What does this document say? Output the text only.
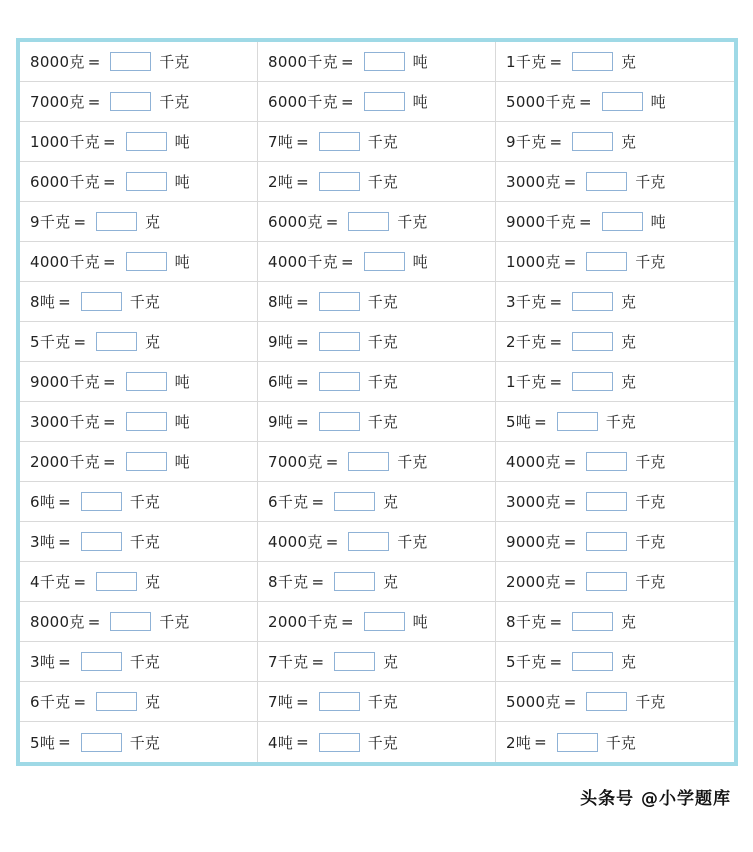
8000克 =	千克	8000千克 =	吨	1千克 =	克
7000克 =	千克	6000千克 =	吨	5000千克 =	吨
1000千克 =	吨	7吨 =	千克	9千克 =	克
6000千克 =	吨	2吨 =	千克	3000克 =	千克
9千克 =	克	6000克 =	千克	9000千克 =	吨
4000千克 =	吨	4000千克 =	吨	1000克 =	千克
8吨 =	千克	8吨 =	千克	3千克 =	克
5千克 =	克	9吨 =	千克	2千克 =	克
9000千克 =	吨	6吨 =	千克	1千克 =	克
3000千克 =	吨	9吨 =	千克	5吨 =	千克
2000千克 =	吨	7000克 =	千克	4000克 =	千克
6吨 =	千克	6千克 =	克	3000克 =	千克
3吨 =	千克	4000克 =	千克	9000克 =	千克
4千克 =	克	8千克 =	克	2000克 =	千克
8000克 =	千克	2000千克 =	吨	8千克 =	克
3吨 =	千克	7千克 =	克	5千克 =	克
6千克 =	克	7吨 =	千克	5000克 =	千克
5吨 =	千克	4吨 =	千克	2吨 =	千克
头条号 @小学题库
